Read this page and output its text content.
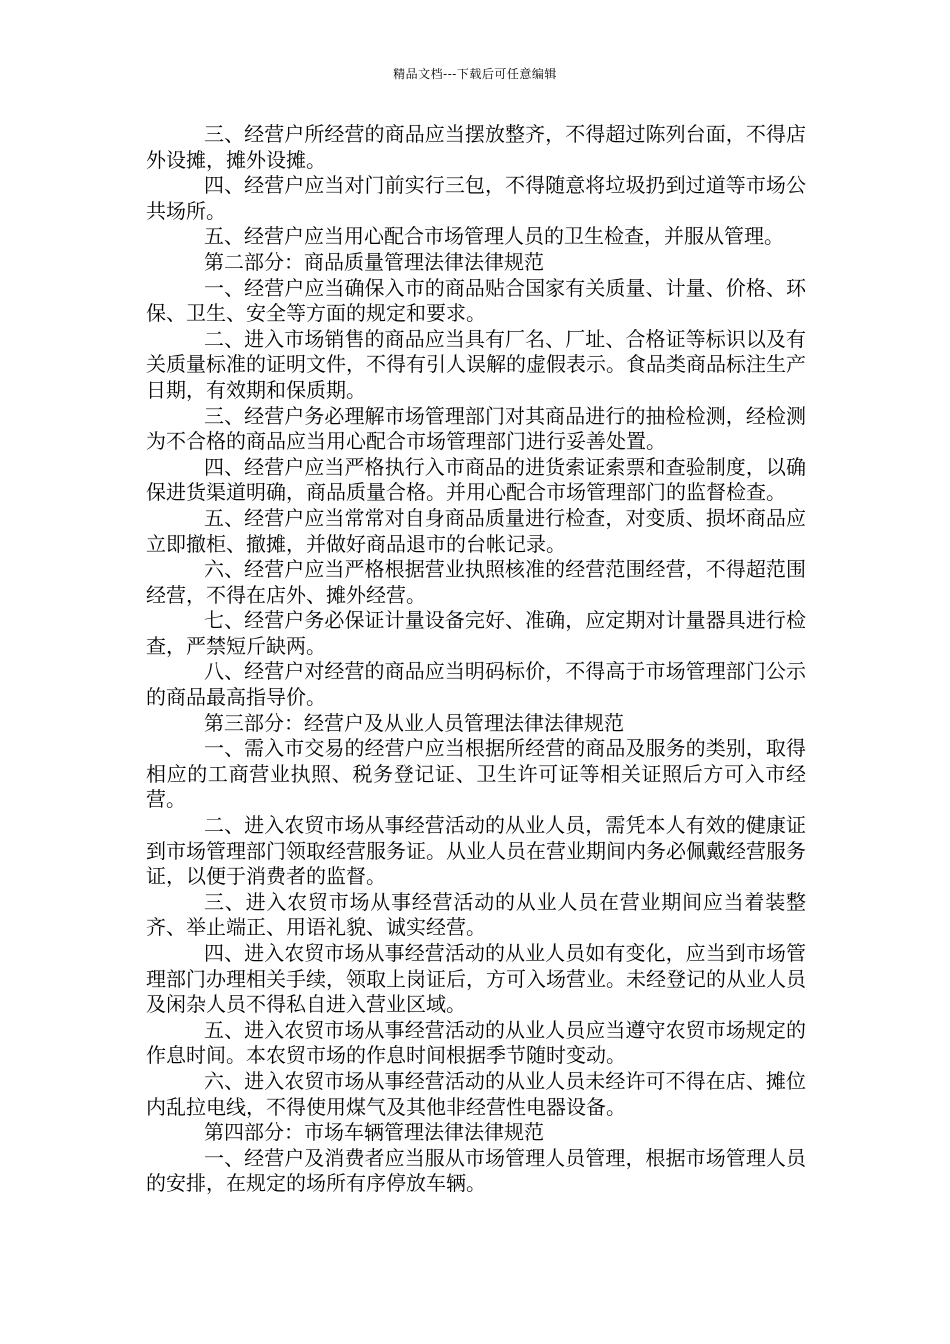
精品文档---下载后可任意编辑

三、经营户所经营的商品应当摆放整齐，不得超过陈列台面，不得店外设摊，摊外设摊。

四、经营户应当对门前实行三包，不得随意将垃圾扔到过道等市场公共场所。

五、经营户应当用心配合市场管理人员的卫生检查，并服从管理。

第二部分：商品质量管理法律法律规范

一、经营户应当确保入市的商品贴合国家有关质量、计量、价格、环保、卫生、安全等方面的规定和要求。

二、进入市场销售的商品应当具有厂名、厂址、合格证等标识以及有关质量标准的证明文件，不得有引人误解的虚假表示。食品类商品标注生产日期，有效期和保质期。

三、经营户务必理解市场管理部门对其商品进行的抽检检测，经检测为不合格的商品应当用心配合市场管理部门进行妥善处置。

四、经营户应当严格执行入市商品的进货索证索票和查验制度，以确保进货渠道明确，商品质量合格。并用心配合市场管理部门的监督检查。

五、经营户应当常常对自身商品质量进行检查，对变质、损坏商品应立即撤柜、撤摊，并做好商品退市的台帐记录。

六、经营户应当严格根据营业执照核准的经营范围经营，不得超范围经营，不得在店外、摊外经营。

七、经营户务必保证计量设备完好、准确，应定期对计量器具进行检查，严禁短斤缺两。

八、经营户对经营的商品应当明码标价，不得高于市场管理部门公示的商品最高指导价。

第三部分：经营户及从业人员管理法律法律规范

一、需入市交易的经营户应当根据所经营的商品及服务的类别，取得相应的工商营业执照、税务登记证、卫生许可证等相关证照后方可入市经营。

二、进入农贸市场从事经营活动的从业人员，需凭本人有效的健康证到市场管理部门领取经营服务证。从业人员在营业期间内务必佩戴经营服务证，以便于消费者的监督。

三、进入农贸市场从事经营活动的从业人员在营业期间应当着装整齐、举止端正、用语礼貌、诚实经营。

四、进入农贸市场从事经营活动的从业人员如有变化，应当到市场管理部门办理相关手续，领取上岗证后，方可入场营业。未经登记的从业人员及闲杂人员不得私自进入营业区域。

五、进入农贸市场从事经营活动的从业人员应当遵守农贸市场规定的作息时间。本农贸市场的作息时间根据季节随时变动。

六、进入农贸市场从事经营活动的从业人员未经许可不得在店、摊位内乱拉电线，不得使用煤气及其他非经营性电器设备。

第四部分：市场车辆管理法律法律规范

一、经营户及消费者应当服从市场管理人员管理，根据市场管理人员的安排，在规定的场所有序停放车辆。
